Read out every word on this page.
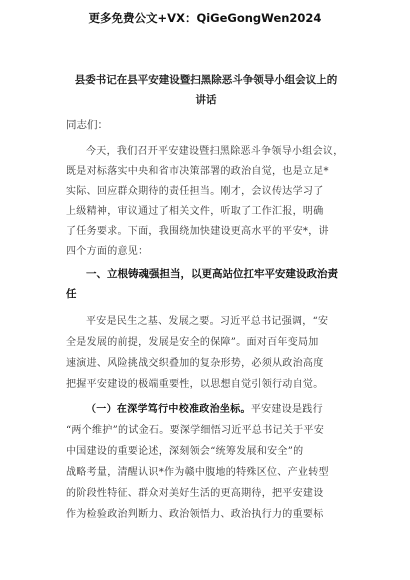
更多免费公文+VX：QiGeGongWen2024
县委书记在县平安建设暨扫黑除恶斗争领导小组会议上的
讲话
同志们：
今天，我们召开平安建设暨扫黑除恶斗争领导小组会议，
既是对标落实中央和省市决策部署的政治自觉，也是立足*
实际、回应群众期待的责任担当。刚才，会议传达学习了
上级精神，审议通过了相关文件，听取了工作汇报，明确
了任务要求。下面，我围绕加快建设更高水平的平安*，讲
四个方面的意见：
一、立根铸魂强担当，以更高站位扛牢平安建设政治责
任
平安是民生之基、发展之要。习近平总书记强调，“安
全是发展的前提，发展是安全的保障”。面对百年变局加
速演进、风险挑战交织叠加的复杂形势，必须从政治高度
把握平安建设的极端重要性，以思想自觉引领行动自觉。
（一）在深学笃行中校准政治坐标。平安建设是践行
“两个维护”的试金石。要深学细悟习近平总书记关于平安
中国建设的重要论述，深刻领会“统筹发展和安全”的
战略考量，清醒认识*作为赣中腹地的特殊区位、产业转型
的阶段性特征、群众对美好生活的更高期待，把平安建设
作为检验政治判断力、政治领悟力、政治执行力的重要标
